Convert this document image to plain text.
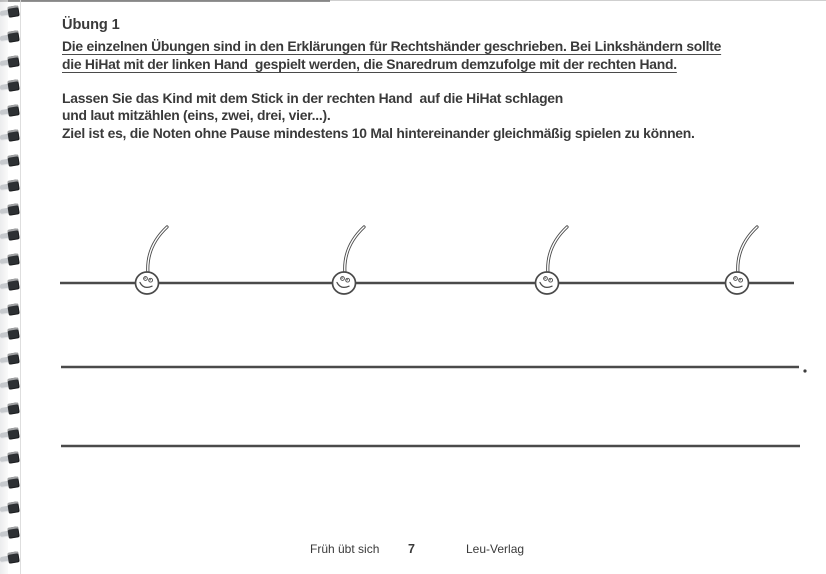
Übung 1
Die einzelnen Übungen sind in den Erklärungen für Rechtshänder geschrieben. Bei Linkshändern sollte
die HiHat mit der linken Hand  gespielt werden, die Snaredrum demzufolge mit der rechten Hand.
Lassen Sie das Kind mit dem Stick in der rechten Hand  auf die HiHat schlagen
und laut mitzählen (eins, zwei, drei, vier...).
Ziel ist es, die Noten ohne Pause mindestens 10 Mal hintereinander gleichmäßig spielen zu können.
Früh übt sich 7	Leu-Verlag
